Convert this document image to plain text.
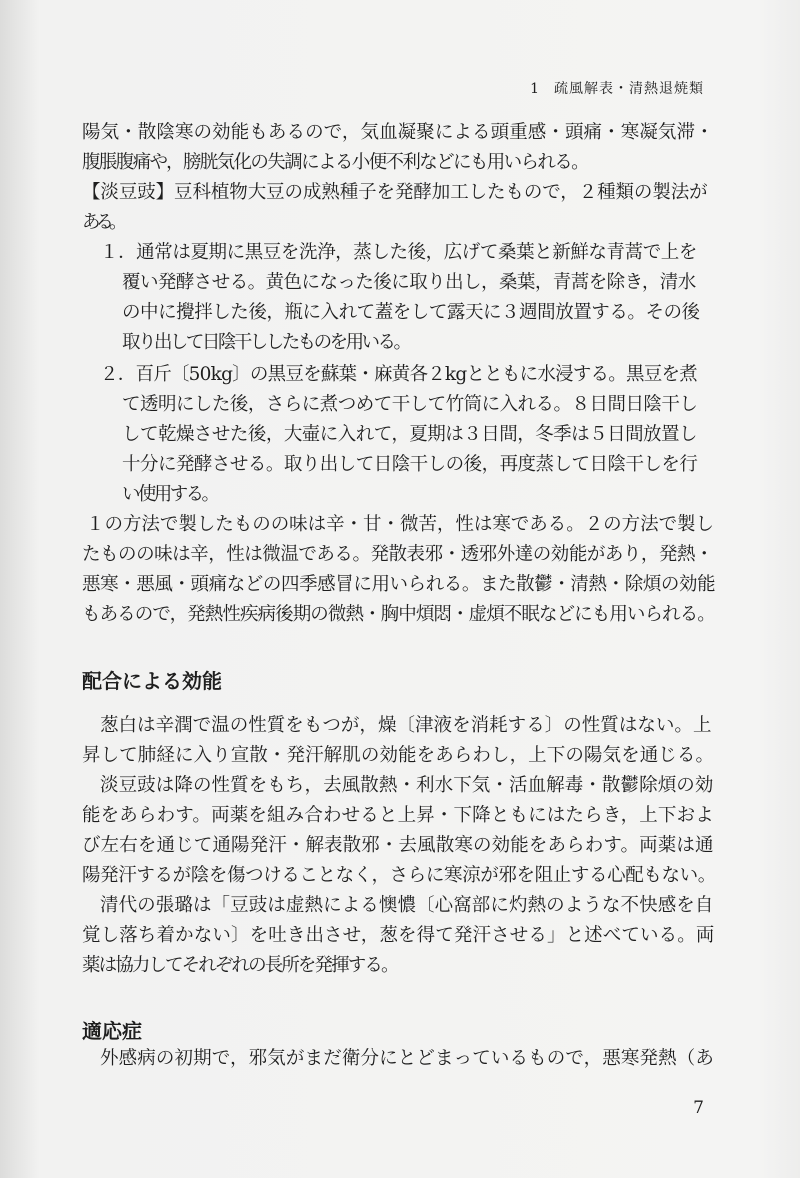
1 疏風解表・清熱退焼類
陽気・散陰寒の効能もあるので，気血凝聚による頭重感・頭痛・寒凝気滞・
腹脹腹痛や，膀胱気化の失調による小便不利などにも用いられる。
【淡豆豉】豆科植物大豆の成熟種子を発酵加工したもので，２種類の製法が
ある。
１．通常は夏期に黒豆を洗浄，蒸した後，広げて桑葉と新鮮な青蒿で上を
覆い発酵させる。黄色になった後に取り出し，桑葉，青蒿を除き，清水
の中に攪拌した後，瓶に入れて蓋をして露天に３週間放置する。その後
取り出して日陰干ししたものを用いる。
２．百斤〔50kg〕の黒豆を蘇葉・麻黄各２kgとともに水浸する。黒豆を煮
て透明にした後，さらに煮つめて干して竹筒に入れる。８日間日陰干し
して乾燥させた後，大壷に入れて，夏期は３日間，冬季は５日間放置し
十分に発酵させる。取り出して日陰干しの後，再度蒸して日陰干しを行
い使用する。
１の方法で製したものの味は辛・甘・微苦，性は寒である。２の方法で製し
たものの味は辛，性は微温である。発散表邪・透邪外達の効能があり，発熱・
悪寒・悪風・頭痛などの四季感冒に用いられる。また散鬱・清熱・除煩の効能
もあるので，発熱性疾病後期の微熱・胸中煩悶・虚煩不眠などにも用いられる。
配合による効能
葱白は辛潤で温の性質をもつが，燥〔津液を消耗する〕の性質はない。上
昇して肺経に入り宣散・発汗解肌の効能をあらわし，上下の陽気を通じる。
淡豆豉は降の性質をもち，去風散熱・利水下気・活血解毒・散鬱除煩の効
能をあらわす。両薬を組み合わせると上昇・下降ともにはたらき，上下およ
び左右を通じて通陽発汗・解表散邪・去風散寒の効能をあらわす。両薬は通
陽発汗するが陰を傷つけることなく，さらに寒涼が邪を阻止する心配もない。
清代の張璐は「豆豉は虚熱による懊憹〔心窩部に灼熱のような不快感を自
覚し落ち着かない〕を吐き出させ，葱を得て発汗させる」と述べている。両
薬は協力してそれぞれの長所を発揮する。
適応症
外感病の初期で，邪気がまだ衛分にとどまっているもので，悪寒発熱（あ
7
